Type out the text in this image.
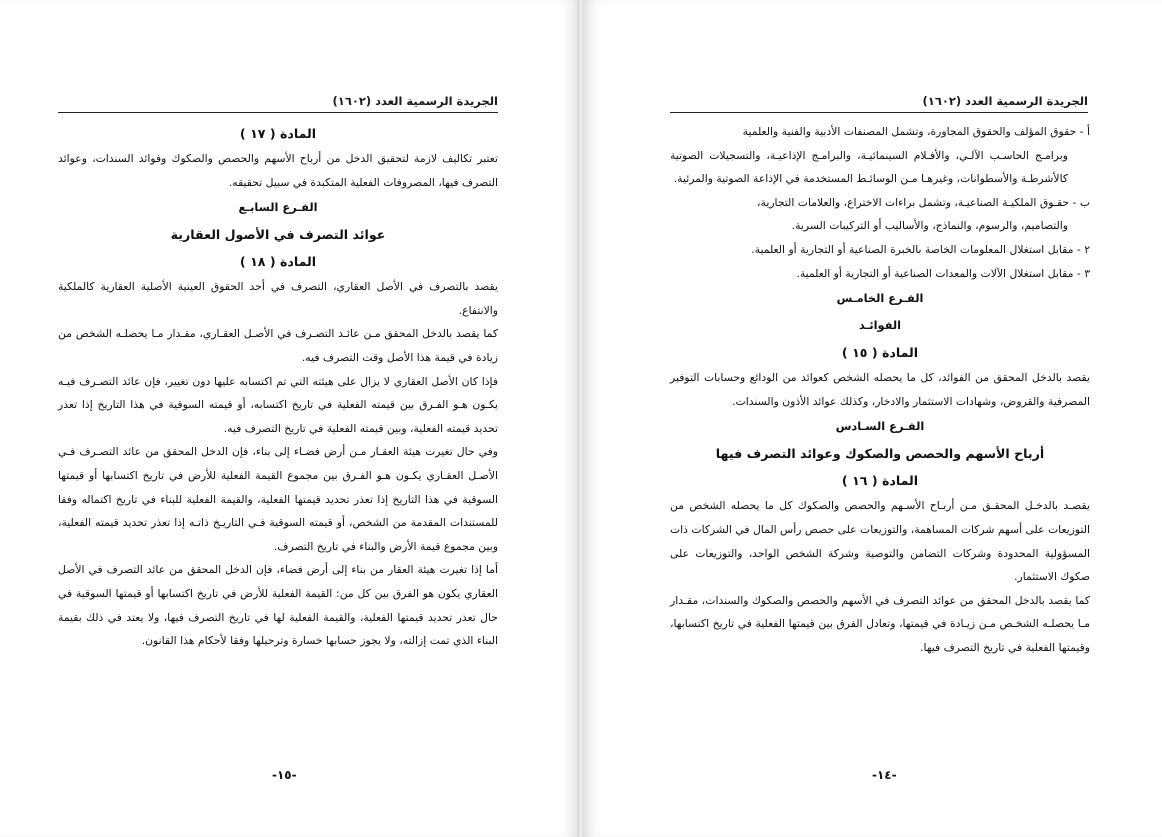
الجريدة الرسمية العدد (١٦٠٢)
المادة ( ١٧ )

تعتبر تكاليف لازمة لتحقيق الدخل من أرباح الأسهم والحصص والصكوك وفوائد السندات، وعوائد التصرف فيها، المصروفات الفعلية المتكبدة في سبيل تحقيقه.

الفـرع السابـع
عوائد التصرف في الأصول العقارية
المادة ( ١٨ )

يقصد بالتصرف في الأصل العقاري، التصرف في أحد الحقوق العينية الأصلية العقارية كالملكية والانتفاع.

كما يقصد بالدخل المحقق مـن عائـد التصـرف في الأصـل العقـاري، مقـدار مـا يحصلـه الشخص من زيادة في قيمة هذا الأصل وقت التصرف فيه.

فإذا كان الأصل العقاري لا يزال على هيئته التي تم اكتسابه عليها دون تغيير، فإن عائد التصـرف فيـه يكـون هـو الفـرق بين قيمته الفعلية في تاريخ اكتسابه، أو قيمته السوقية في هذا التاريخ إذا تعذر تحديد قيمته الفعلية، وبين قيمته الفعلية في تاريخ التصرف فيه.

وفي حال تغيرت هيئة العقـار مـن أرض فضـاء إلى بناء، فإن الدخل المحقق من عائد التصـرف فـي الأصـل العقـاري يكـون هـو الفـرق بين مجموع القيمة الفعلية للأرض في تاريخ اكتسابها أو قيمتها السوقية في هذا التاريخ إذا تعذر تحديد قيمتها الفعلية، والقيمة الفعلية للبناء في تاريخ اكتماله وفقا للمستندات المقدمة من الشخص، أو قيمته السوقية فـي التاريـخ ذاتـه إذا تعذر تحديد قيمته الفعلية، وبين مجموع قيمة الأرض والبناء في تاريخ التصرف.

أما إذا تغيرت هيئة العقار من بناء إلى أرض فضاء، فإن الدخل المحقق من عائد التصرف في الأصل العقاري يكون هو الفرق بين كل من: القيمة الفعلية للأرض في تاريخ اكتسابها أو قيمتها السوقية في حال تعذر تحديد قيمتها الفعلية، والقيمة الفعلية لها في تاريخ التصرف فيها، ولا يعتد في ذلك بقيمة البناء الذي تمت إزالته، ولا يجوز حسابها خسارة وترحيلها وفقا لأحكام هذا القانون.

-١٥-
الجريدة الرسمية العدد (١٦٠٢)
أ - حقوق المؤلف والحقوق المجاورة، وتشمل المصنفات الأدبية والفنية والعلمية
وبرامـج الحاسـب الآلـي، والأفـلام السينمائيـة، والبرامـج الإذاعيـة، والتسجيلات الصوتية كالأشرطـة والأسطوانات، وغيرهـا مـن الوسائـط المستخدمة في الإذاعة الصوتية والمرئية.
ب - حقـوق الملكيـة الصناعيـة، وتشمل براءات الاختراع، والعلامات التجارية،
والتصاميم، والرسوم، والنماذج، والأساليب أو التركيبات السرية.
٢ - مقابل استغلال المعلومات الخاصة بالخبرة الصناعية أو التجارية أو العلمية.
٣ - مقابل استغلال الآلات والمعدات الصناعية أو التجارية أو العلمية.
الفـرع الخامـس
الفوائـد
المادة ( ١٥ )

يقصد بالدخل المحقق من الفوائد، كل ما يحصله الشخص كعوائد من الودائع وحسابات التوفير المصرفية والقروض، وشهادات الاستثمار والادخار، وكذلك عوائد الأذون والسندات.

الفـرع السـادس
أرباح الأسهم والحصص والصكوك وعوائد التصرف فيها
المادة ( ١٦ )

يقصـد بالدخـل المحقـق مـن أربـاح الأسـهم والحصص والصكوك كل ما يحصله الشخص من التوزيعات على أسهم شركات المساهمة، والتوزيعات على حصص رأس المال في الشركات ذات المسؤولية المحدودة وشركات التضامن والتوصية وشركة الشخص الواحد، والتوزيعات على صكوك الاستثمار.

كما يقصد بالدخل المحقق من عوائد التصرف في الأسهم والحصص والصكوك والسندات، مقـدار مـا يحصلـه الشخـص مـن زيـادة في قيمتها، وتعادل الفرق بين قيمتها الفعلية في تاريخ اكتسابها، وقيمتها الفعلية في تاريخ التصرف فيها.

-١٤-
